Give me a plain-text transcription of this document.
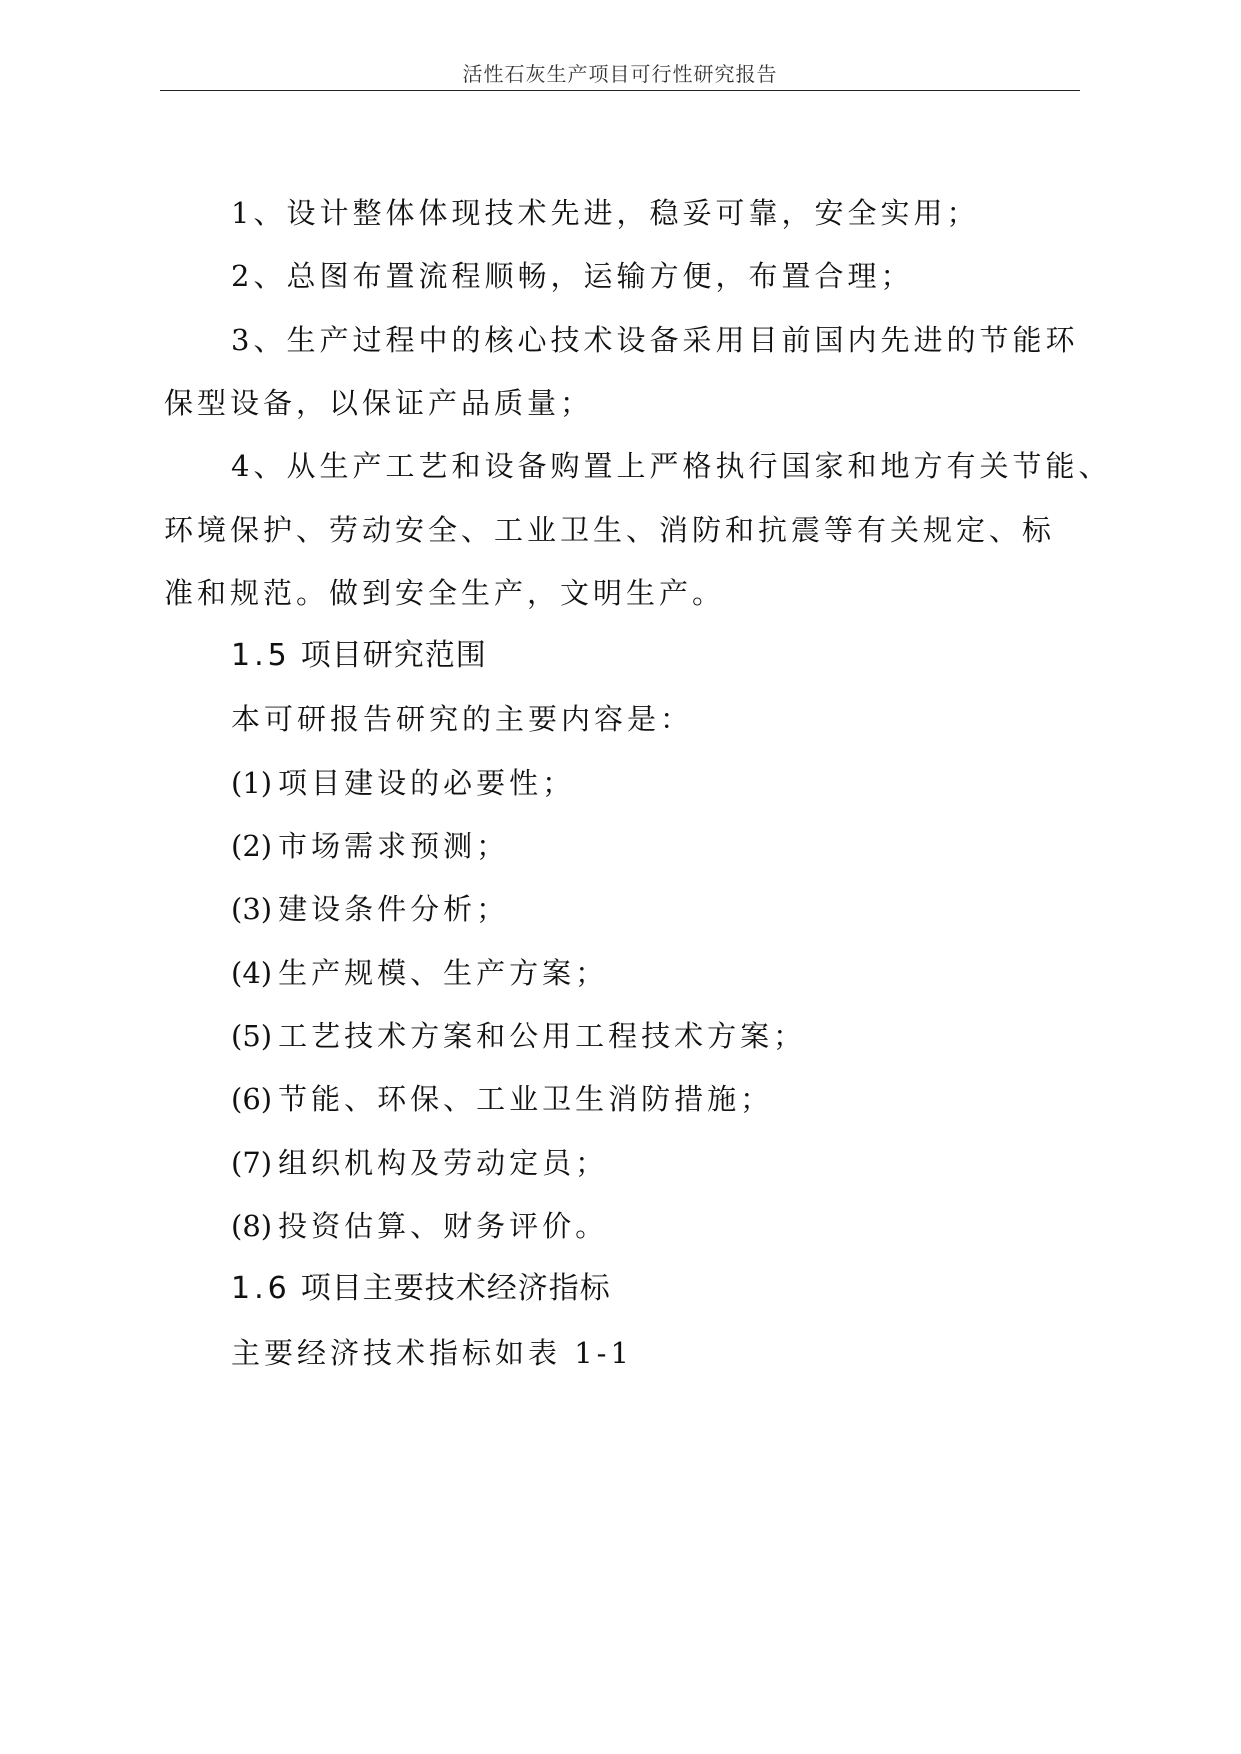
活性石灰生产项目可行性研究报告
1、设计整体体现技术先进，稳妥可靠，安全实用；
2、总图布置流程顺畅，运输方便，布置合理；
3、生产过程中的核心技术设备采用目前国内先进的节能环
保型设备，以保证产品质量；
4、从生产工艺和设备购置上严格执行国家和地方有关节能、
环境保护、劳动安全、工业卫生、消防和抗震等有关规定、标
准和规范。做到安全生产，文明生产。
1.5 项目研究范围
本可研报告研究的主要内容是：
(1) 项目建设的必要性；
(2) 市场需求预测；
(3) 建设条件分析；
(4) 生产规模、生产方案；
(5) 工艺技术方案和公用工程技术方案；
(6) 节能、环保、工业卫生消防措施；
(7) 组织机构及劳动定员；
(8) 投资估算、财务评价。
1.6 项目主要技术经济指标
主要经济技术指标如表 1-1
